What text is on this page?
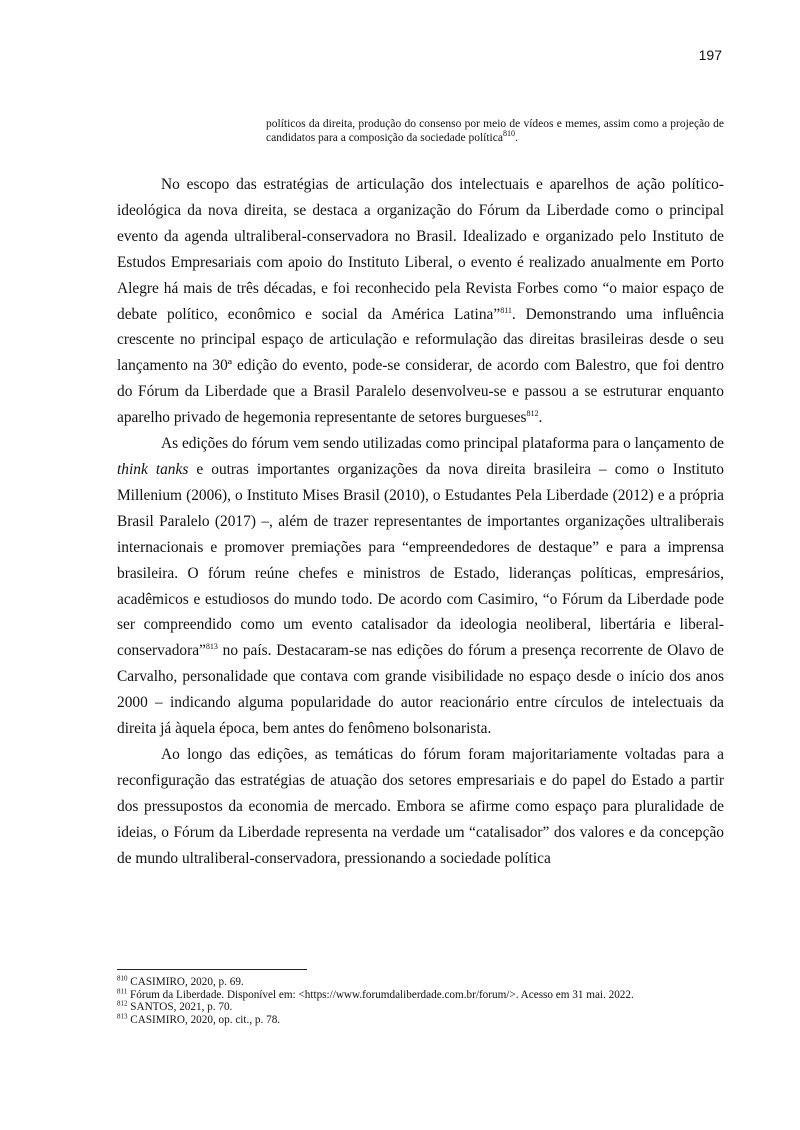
197
políticos da direita, produção do consenso por meio de vídeos e memes, assim como a projeção de candidatos para a composição da sociedade política$^{810}$.

No escopo das estratégias de articulação dos intelectuais e aparelhos de ação político-ideológica da nova direita, se destaca a organização do Fórum da Liberdade como o principal evento da agenda ultraliberal-conservadora no Brasil. Idealizado e organizado pelo Instituto de Estudos Empresariais com apoio do Instituto Liberal, o evento é realizado anualmente em Porto Alegre há mais de três décadas, e foi reconhecido pela Revista Forbes como “o maior espaço de debate político, econômico e social da América Latina”$^{811}$. Demonstrando uma influência crescente no principal espaço de articulação e reformulação das direitas brasileiras desde o seu lançamento na 30ª edição do evento, pode-se considerar, de acordo com Balestro, que foi dentro do Fórum da Liberdade que a Brasil Paralelo desenvolveu-se e passou a se estruturar enquanto aparelho privado de hegemonia representante de setores burgueses$^{812}$.

As edições do fórum vem sendo utilizadas como principal plataforma para o lançamento de think tanks e outras importantes organizações da nova direita brasileira – como o Instituto Millenium (2006), o Instituto Mises Brasil (2010), o Estudantes Pela Liberdade (2012) e a própria Brasil Paralelo (2017) –, além de trazer representantes de importantes organizações ultraliberais internacionais e promover premiações para “empreendedores de destaque” e para a imprensa brasileira. O fórum reúne chefes e ministros de Estado, lideranças políticas, empresários, acadêmicos e estudiosos do mundo todo. De acordo com Casimiro, “o Fórum da Liberdade pode ser compreendido como um evento catalisador da ideologia neoliberal, libertária e liberal-conservadora”$^{813}$ no país. Destacaram-se nas edições do fórum a presença recorrente de Olavo de Carvalho, personalidade que contava com grande visibilidade no espaço desde o início dos anos 2000 – indicando alguma popularidade do autor reacionário entre círculos de intelectuais da direita já àquela época, bem antes do fenômeno bolsonarista.

Ao longo das edições, as temáticas do fórum foram majoritariamente voltadas para a reconfiguração das estratégias de atuação dos setores empresariais e do papel do Estado a partir dos pressupostos da economia de mercado. Embora se afirme como espaço para pluralidade de ideias, o Fórum da Liberdade representa na verdade um “catalisador” dos valores e da concepção de mundo ultraliberal-conservadora, pressionando a sociedade política

$^{810}$ CASIMIRO, 2020, p. 69.
$^{811}$ Fórum da Liberdade. Disponível em: <https://www.forumdaliberdade.com.br/forum/>. Acesso em 31 mai. 2022.
$^{812}$ SANTOS, 2021, p. 70.
$^{813}$ CASIMIRO, 2020, op. cit., p. 78.
